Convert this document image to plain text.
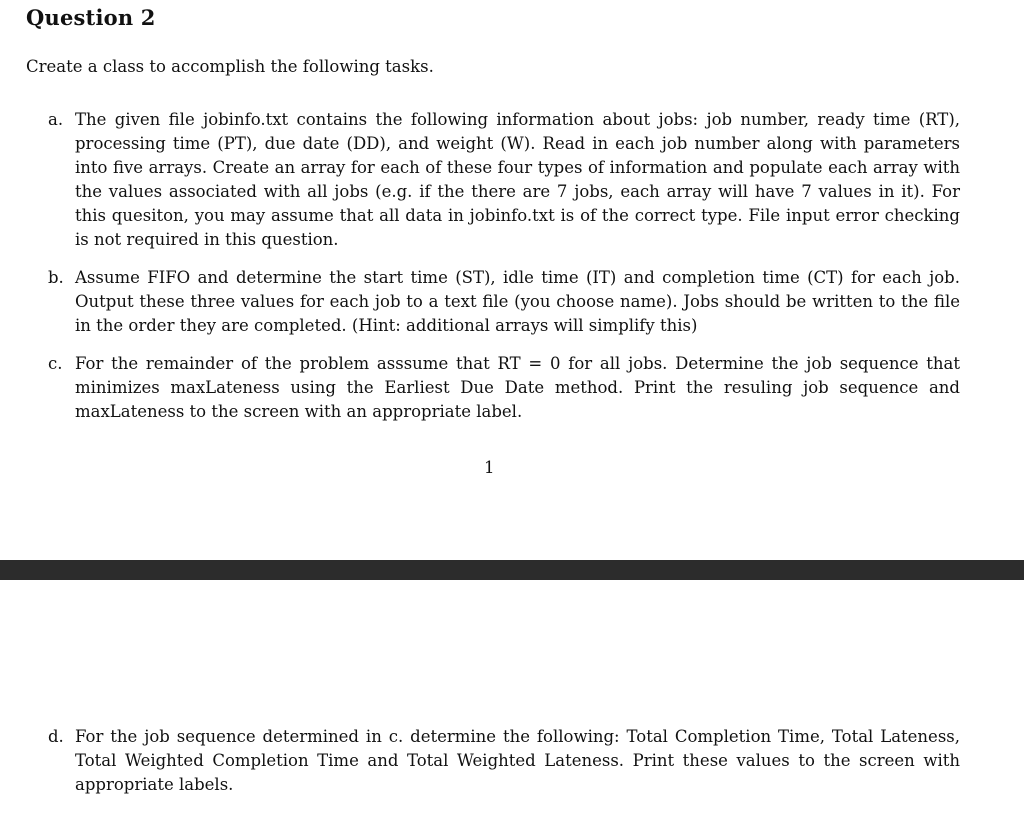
Question 2

Create a class to accomplish the following tasks.

a. The given file jobinfo.txt contains the following information about jobs: job number, ready time (RT), processing time (PT), due date (DD), and weight (W). Read in each job number along with parameters into five arrays. Create an array for each of these four types of information and populate each array with the values associated with all jobs (e.g. if the there are 7 jobs, each array will have 7 values in it). For this quesiton, you may assume that all data in jobinfo.txt is of the correct type. File input error checking is not required in this question.
b. Assume FIFO and determine the start time (ST), idle time (IT) and completion time (CT) for each job. Output these three values for each job to a text file (you choose name). Jobs should be written to the file in the order they are completed. (Hint: additional arrays will simplify this)
c. For the remainder of the problem asssume that RT = 0 for all jobs. Determine the job sequence that minimizes maxLateness using the Earliest Due Date method. Print the resuling job sequence and maxLateness to the screen with an appropriate label.
1
d. For the job sequence determined in c. determine the following: Total Completion Time, Total Lateness, Total Weighted Completion Time and Total Weighted Lateness. Print these values to the screen with appropriate labels.
